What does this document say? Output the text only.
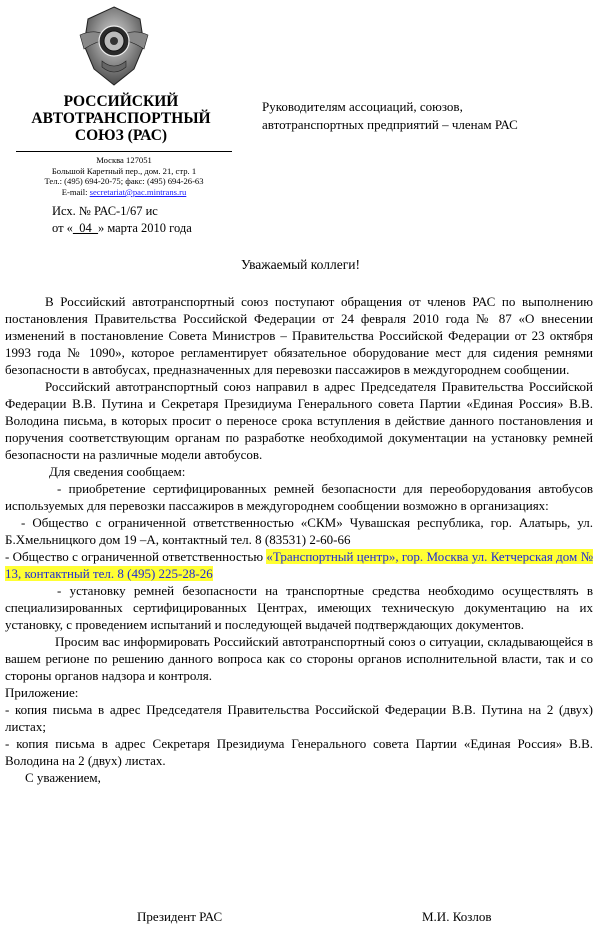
РОССИЙСКИЙ
АВТОТРАНСПОРТНЫЙ
СОЮЗ (РАС)
Москва 127051
Большой Каретный пер., дом. 21, стр. 1
Тел.: (495) 694-20-75; факс: (495) 694-26-63
E-mail: secretariat@pac.mintrans.ru
Исх. № РАС-1/67 ис
от «_04_» марта 2010 года
Руководителям ассоциаций, союзов,
автотранспортных предприятий – членам РАС
Уважаемый коллеги!

В Российский автотранспортный союз поступают обращения от членов РАС по выполнению постановления Правительства Российской Федерации от 24 февраля 2010 года № 87 «О внесении изменений в постановление Совета Министров – Правительства Российской Федерации от 23 октября 1993 года № 1090», которое регламентирует обязательное оборудование мест для сидения ремнями безопасности в автобусах, предназначенных для перевозки пассажиров в междугороднем сообщении.

Российский автотранспортный союз направил в адрес Председателя Правительства Российской Федерации В.В. Путина и Секретаря Президиума Генерального совета Партии «Единая Россия» В.В. Володина письма, в которых просит о переносе срока вступления в действие данного постановления и поручения соответствующим органам по разработке необходимой документации на установку ремней безопасности на различные модели автобусов.

Для сведения сообщаем:

- приобретение сертифицированных ремней безопасности для переоборудования автобусов используемых для перевозки пассажиров в междугороднем сообщении возможно в организациях:

- Общество с ограниченной ответственностью «СКМ» Чувашская республика, гор. Алатырь, ул. Б.Хмельницкого дом 19 –А, контактный тел. 8 (83531) 2-60-66

- Общество с ограниченной ответственностью «Транспортный центр», гор. Москва ул. Кетчерская дом № 13, контактный тел. 8 (495) 225-28-26

- установку ремней безопасности на транспортные средства необходимо осуществлять в специализированных сертифицированных Центрах, имеющих техническую документацию на их установку, с проведением испытаний и последующей выдачей подтверждающих документов.

Просим вас информировать Российский автотранспортный союз о ситуации, складывающейся в вашем регионе по решению данного вопроса как со стороны органов исполнительной власти, так и со стороны органов надзора и контроля.

Приложение:

- копия письма в адрес Председателя Правительства Российской Федерации В.В. Путина на 2 (двух) листах;

- копия письма в адрес Секретаря Президиума Генерального совета Партии «Единая Россия» В.В. Володина на 2 (двух) листах.

С уважением,

Президент РАС	М.И. Козлов
